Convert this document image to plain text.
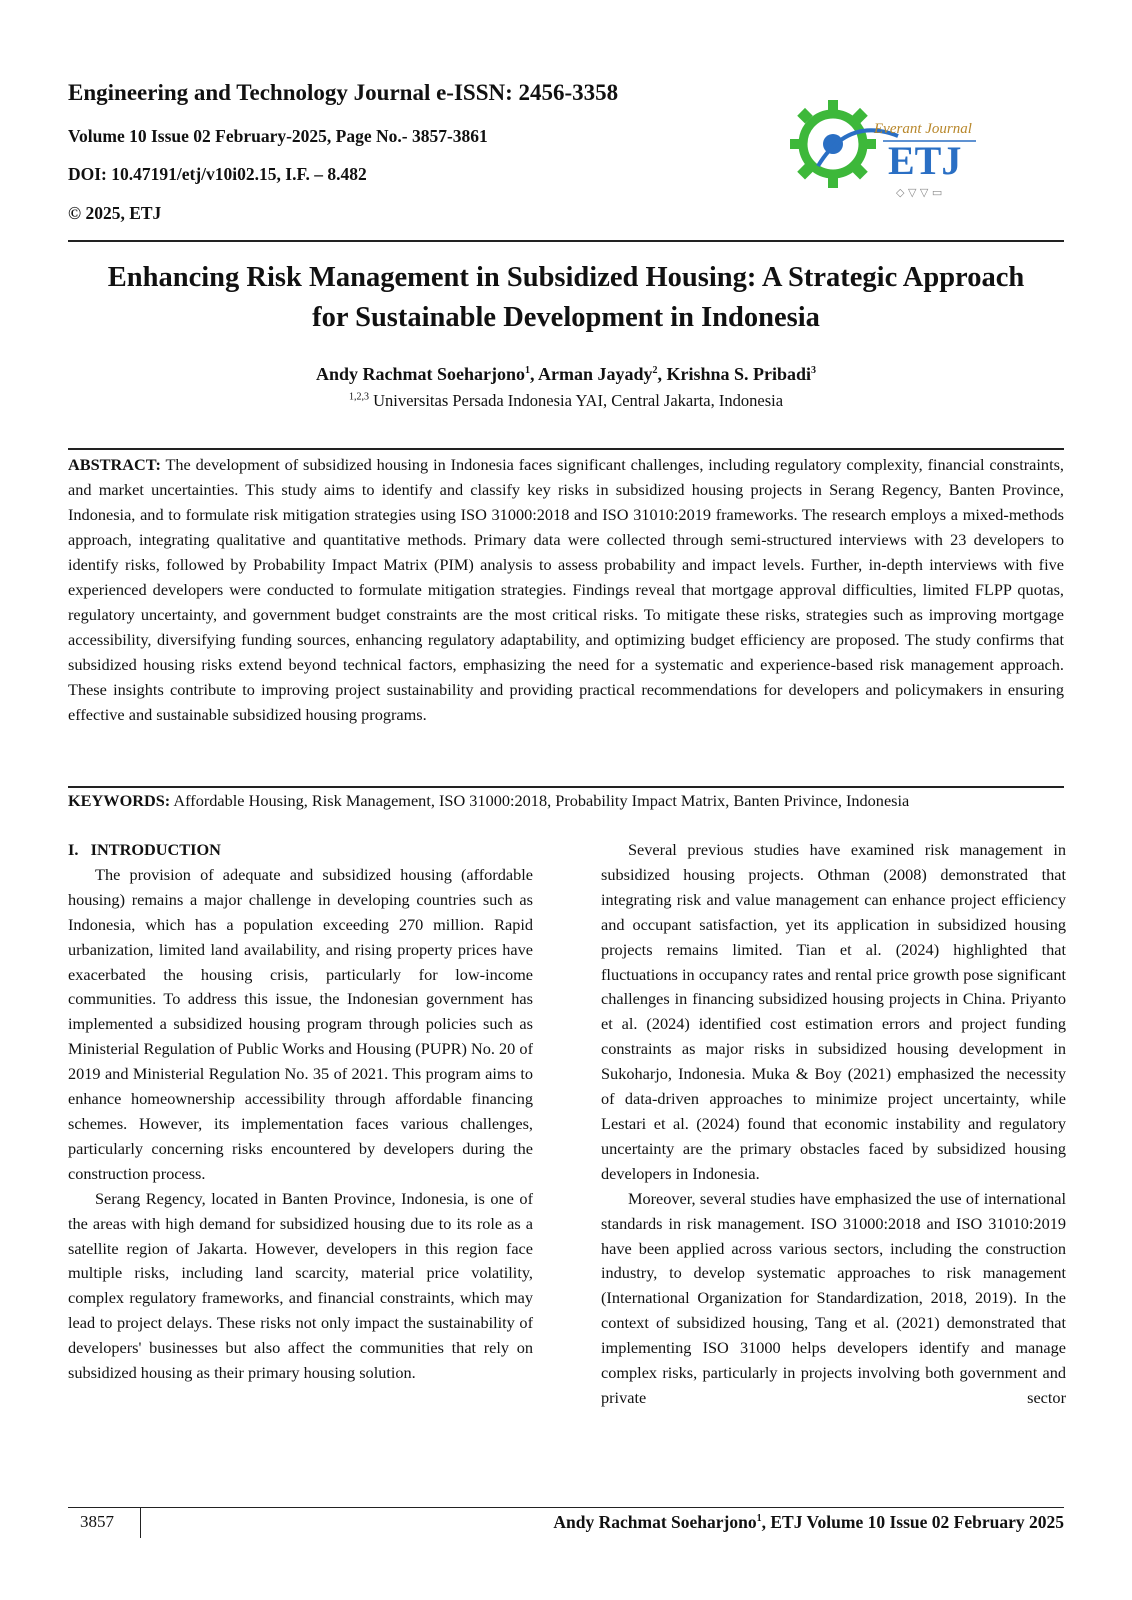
Engineering and Technology Journal e-ISSN: 2456-3358

Volume 10 Issue 02 February-2025, Page No.- 3857-3861

DOI: 10.47191/etj/v10i02.15, I.F. – 8.482

© 2025, ETJ

Everant Journal
ETJ
◇ ▽ ▽ ▭
Enhancing Risk Management in Subsidized Housing: A Strategic Approach
for Sustainable Development in Indonesia
Andy Rachmat Soeharjono$^1$, Arman Jayady$^2$, Krishna S. Pribadi$^3$
$^{1,2,3}$ Universitas Persada Indonesia YAI, Central Jakarta, Indonesia
ABSTRACT: The development of subsidized housing in Indonesia faces significant challenges, including regulatory complexity, financial constraints, and market uncertainties. This study aims to identify and classify key risks in subsidized housing projects in Serang Regency, Banten Province, Indonesia, and to formulate risk mitigation strategies using ISO 31000:2018 and ISO 31010:2019 frameworks. The research employs a mixed-methods approach, integrating qualitative and quantitative methods. Primary data were collected through semi-structured interviews with 23 developers to identify risks, followed by Probability Impact Matrix (PIM) analysis to assess probability and impact levels. Further, in-depth interviews with five experienced developers were conducted to formulate mitigation strategies. Findings reveal that mortgage approval difficulties, limited FLPP quotas, regulatory uncertainty, and government budget constraints are the most critical risks. To mitigate these risks, strategies such as improving mortgage accessibility, diversifying funding sources, enhancing regulatory adaptability, and optimizing budget efficiency are proposed. The study confirms that subsidized housing risks extend beyond technical factors, emphasizing the need for a systematic and experience-based risk management approach. These insights contribute to improving project sustainability and providing practical recommendations for developers and policymakers in ensuring effective and sustainable subsidized housing programs.
KEYWORDS: Affordable Housing, Risk Management, ISO 31000:2018, Probability Impact Matrix, Banten Privince, Indonesia

I. INTRODUCTION

The provision of adequate and subsidized housing (affordable housing) remains a major challenge in developing countries such as Indonesia, which has a population exceeding 270 million. Rapid urbanization, limited land availability, and rising property prices have exacerbated the housing crisis, particularly for low-income communities. To address this issue, the Indonesian government has implemented a subsidized housing program through policies such as Ministerial Regulation of Public Works and Housing (PUPR) No. 20 of 2019 and Ministerial Regulation No. 35 of 2021. This program aims to enhance homeownership accessibility through affordable financing schemes. However, its implementation faces various challenges, particularly concerning risks encountered by developers during the construction process.

Serang Regency, located in Banten Province, Indonesia, is one of the areas with high demand for subsidized housing due to its role as a satellite region of Jakarta. However, developers in this region face multiple risks, including land scarcity, material price volatility, complex regulatory frameworks, and financial constraints, which may lead to project delays. These risks not only impact the sustainability of developers' businesses but also affect the communities that rely on subsidized housing as their primary housing solution.

Several previous studies have examined risk management in subsidized housing projects. Othman (2008) demonstrated that integrating risk and value management can enhance project efficiency and occupant satisfaction, yet its application in subsidized housing projects remains limited. Tian et al. (2024) highlighted that fluctuations in occupancy rates and rental price growth pose significant challenges in financing subsidized housing projects in China. Priyanto et al. (2024) identified cost estimation errors and project funding constraints as major risks in subsidized housing development in Sukoharjo, Indonesia. Muka & Boy (2021) emphasized the necessity of data-driven approaches to minimize project uncertainty, while Lestari et al. (2024) found that economic instability and regulatory uncertainty are the primary obstacles faced by subsidized housing developers in Indonesia.

Moreover, several studies have emphasized the use of international standards in risk management. ISO 31000:2018 and ISO 31010:2019 have been applied across various sectors, including the construction industry, to develop systematic approaches to risk management (International Organization for Standardization, 2018, 2019). In the context of subsidized housing, Tang et al. (2021) demonstrated that implementing ISO 31000 helps developers identify and manage complex risks, particularly in projects involving both government and private sector

3857	Andy Rachmat Soeharjono$^1$, ETJ Volume 10 Issue 02 February 2025
